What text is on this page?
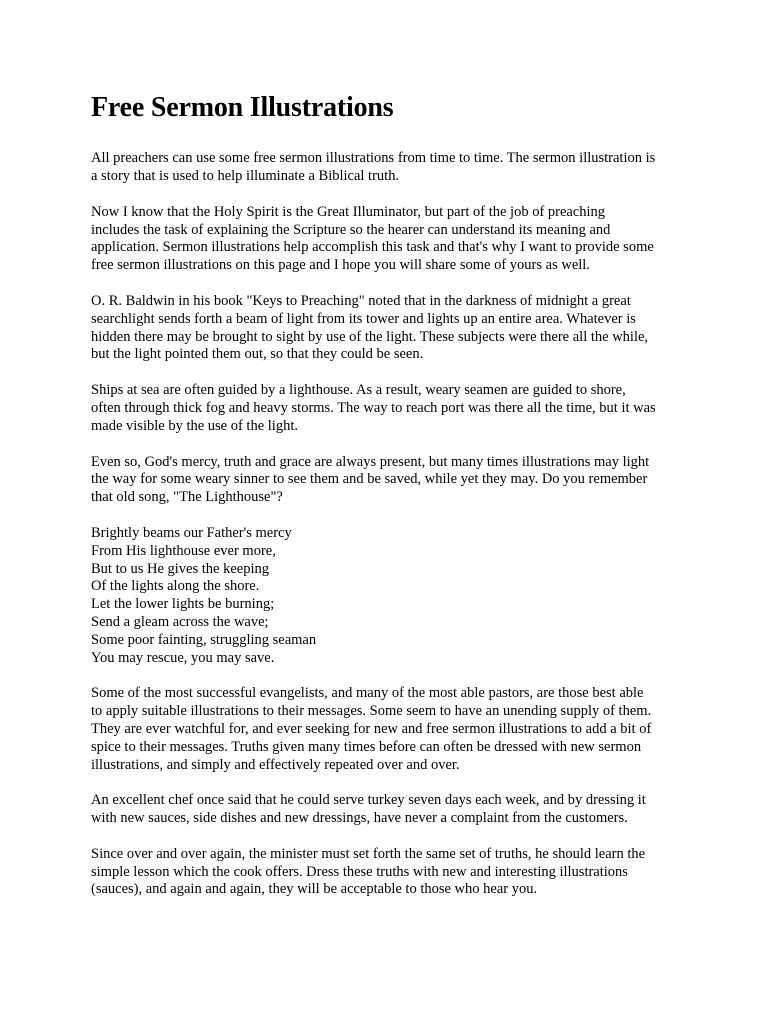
Free Sermon Illustrations

All preachers can use some free sermon illustrations from time to time. The sermon illustration is
a story that is used to help illuminate a Biblical truth.

Now I know that the Holy Spirit is the Great Illuminator, but part of the job of preaching
includes the task of explaining the Scripture so the hearer can understand its meaning and
application. Sermon illustrations help accomplish this task and that's why I want to provide some
free sermon illustrations on this page and I hope you will share some of yours as well.

O. R. Baldwin in his book "Keys to Preaching" noted that in the darkness of midnight a great
searchlight sends forth a beam of light from its tower and lights up an entire area. Whatever is
hidden there may be brought to sight by use of the light. These subjects were there all the while,
but the light pointed them out, so that they could be seen.

Ships at sea are often guided by a lighthouse. As a result, weary seamen are guided to shore,
often through thick fog and heavy storms. The way to reach port was there all the time, but it was
made visible by the use of the light.

Even so, God's mercy, truth and grace are always present, but many times illustrations may light
the way for some weary sinner to see them and be saved, while yet they may. Do you remember
that old song, "The Lighthouse"?

Brightly beams our Father's mercy
From His lighthouse ever more,
But to us He gives the keeping
Of the lights along the shore.
Let the lower lights be burning;
Send a gleam across the wave;
Some poor fainting, struggling seaman
You may rescue, you may save.

Some of the most successful evangelists, and many of the most able pastors, are those best able
to apply suitable illustrations to their messages. Some seem to have an unending supply of them.
They are ever watchful for, and ever seeking for new and free sermon illustrations to add a bit of
spice to their messages. Truths given many times before can often be dressed with new sermon
illustrations, and simply and effectively repeated over and over.

An excellent chef once said that he could serve turkey seven days each week, and by dressing it
with new sauces, side dishes and new dressings, have never a complaint from the customers.

Since over and over again, the minister must set forth the same set of truths, he should learn the
simple lesson which the cook offers. Dress these truths with new and interesting illustrations
(sauces), and again and again, they will be acceptable to those who hear you.
